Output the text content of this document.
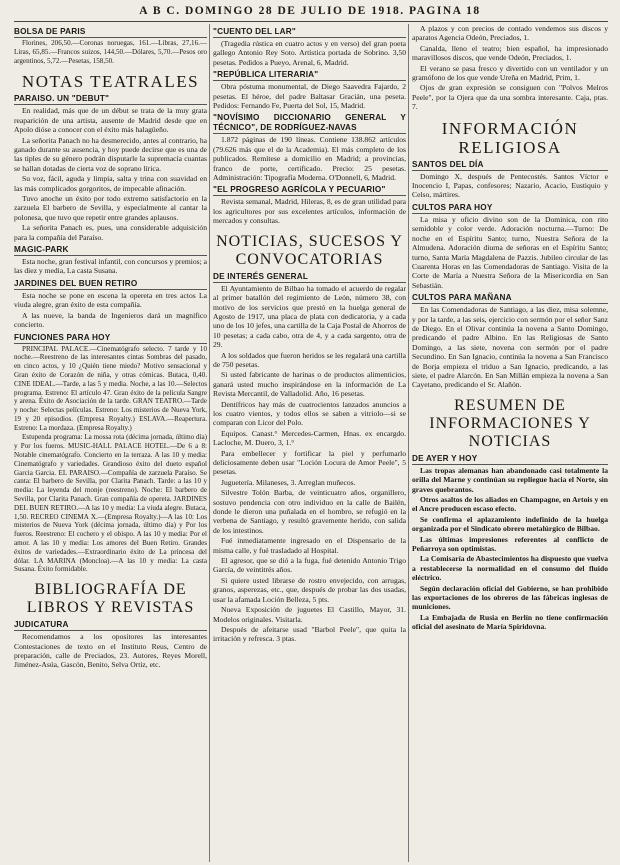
A B C. DOMINGO 28 DE JULIO DE 1918. PAGINA 18
BOLSA DE PARIS

Florines, 206,50.—Coronas noruegas, 161.—Libras, 27,16.—Liras, 65,85.—Francos suizos, 144,50.—Dólares, 5,70.—Pesos oro argentinos, 5,72.—Pesetas, 158,50.

NOTAS TEATRALES
PARAISO. UN "DEBUT"

En realidad, más que de un début se trata de la muy grata reaparición de una artista, ausente de Madrid desde que en Apolo dióse a conocer con el éxito más halagüeño.

La señorita Panach no ha desmerecido, antes al contrario, ha ganado durante su ausencia, y hoy puede decirse que es una de las tiples de su género podrán disputarle la supremacía cuantas se hallan dotadas de cierta voz de soprano lírica.

Su voz, fácil, aguda y limpia, salta y trina con suavidad en las más complicados gorgoritos, de impecable afinación.

Tuvo anoche un éxito por todo extremo satisfactorio en la zarzuela El barbero de Sevilla, y especialmente al cantar la polonesa, que tuvo que repetir entre grandes aplausos.

La señorita Panach es, pues, una considerable adquisición para la compañía del Paraíso.

MAGIC-PARK

Esta noche, gran festival infantil, con concursos y premios; a las diez y media, La casta Susana.

JARDINES DEL BUEN RETIRO

Esta noche se pone en escena la opereta en tres actos La viuda alegre, gran éxito de esta compañía.

A las nueve, la banda de Ingenieros dará un magnífico concierto.

FUNCIONES PARA HOY

PRINCIPAL PALACE.—Cinematógrafo selecto. 7 tarde y 10 noche.—Reestreno de las interesantes cintas Sombras del pasado, en cinco actos, y 10 ¿Quién tiene miedo? Motivo sensacional y Gran éxito de Corazón de niña, y otras cómicas. Butaca, 0,40. CINE IDEAL.—Tarde, a las 5 y media. Noche, a las 10.—Selectos programa. Estreno: El artículo 47. Gran éxito de la película Sangre y arena. Éxito de Asociación de la tarde. GRAN TEATRO.—Tarde y noche: Selectas películas. Estreno: Los misterios de Nueva York, 19 y 20 episodios. (Empresa Royalty.) ESLAVA.—Reapertura. Estreno: La mordaza. (Empresa Royalty.)

Estupenda programa: La mossa rota (décima jornada, último día) y Por los fueros. MUSIC-HALL PALACE HOTEL.—De 6 a 8: Notable cinematógrafo. Concierto en la terraza. A las 10 y media: Cinematógrafo y variedades. Grandioso éxito del dueto español Garcia Garcia. EL PARAISO.—Compañía de zarzuela Paraíso. Se canta: El barbero de Sevilla, por Clarita Panach. Tarde: a las 10 y media: La leyenda del monje (reestreno). Noche: El barbero de Sevilla, por Clarita Panach. Gran compañía de opereta. JARDINES DEL BUEN RETIRO.—A las 10 y media: La viuda alegre. Butaca, 1,50. RECREO CINEMA X.—(Empresa Royalty.)—A las 10: Los misterios de Nueva York (décima jornada, último día) y Por los fueros. Reestreno: El cochero y el obispo. A las 10 y media: Por el amor. A las 10 y media: Los amores del Buen Retiro. Grandes éxitos de variedades.—Extraordinario éxito de La princesa del dólar. LA MARINA (Moncloa).—A las 10 y media: La casta Susana. Éxito formidable.

BIBLIOGRAFÍA DE LIBROS Y REVISTAS
JUDICATURA

Recomendamos a los opositores las interesantes Contestaciones de texto en el Instituto Reus, Centro de preparación, calle de Preciados, 23. Autores, Reyes Morell, Jiménez-Asúa, Gascón, Benito, Selva Ortiz, etc.

"CUENTO DEL LAR"

(Tragedia rústica en cuatro actos y en verso) del gran poeta gallego Antonio Rey Soto. Artística portada de Sobrino. 3,50 pesetas. Pedidos a Pueyo, Arenal, 6, Madrid.

"REPÚBLICA LITERARIA"

Obra póstuma monumental, de Diego Saavedra Fajardo, 2 pesetas. El héroe, del padre Baltasar Gracián, una peseta. Pedidos: Fernando Fe, Puerta del Sol, 15, Madrid.

"NOVÍSIMO DICCIONARIO GENERAL Y TÉCNICO", DE RODRÍGUEZ-NAVAS

1.872 páginas de 190 líneas. Contiene 138.862 artículos (79.626 más que el de la Academia). El más completo de los publicados. Remítese a domicilio en Madrid; a provincias, franco de porte, certificado. Precio: 25 pesetas. Administración: Tipografía Moderna. O'Donnell, 6, Madrid.

"EL PROGRESO AGRÍCOLA Y PECUARIO"

Revista semanal, Madrid, Hileras, 8, es de gran utilidad para los agricultores por sus excelentes artículos, información de mercados y consultas.

NOTICIAS, SUCESOS Y CONVOCATORIAS
DE INTERÉS GENERAL

El Ayuntamiento de Bilbao ha tomado el acuerdo de regalar al primer batallón del regimiento de León, número 38, con motivo de los servicios que prestó en la huelga general de Agosto de 1917, una placa de plata con dedicatoria, y a cada uno de los 10 jefes, una cartilla de la Caja Postal de Ahorros de 10 pesetas; a cada cabo, otra de 4, y a cada sargento, otra de 29.

A los soldados que fueron heridos se les regalará una cartilla de 750 pesetas.

Si usted fabricante de harinas o de productos alimenticios, ganará usted mucho inspirándose en la información de La Revista Mercantil, de Valladolid. Año, 16 pesetas.

Dentífricos hay más de cuatrocientos lanzados anuncios a los cuatro vientos, y todos ellos se saben a vitriolo—si se comparan con Licor del Polo.

Equipos. Canast.° Mercedes-Carmen, Hnas. ex encargdo. Lacloche, M. Duero, 3, 1.°

Para embellecer y fortificar la piel y perfumarlo deliciosamente deben usar "Loción Locura de Amor Peele", 5 pesetas.

Juguetería. Milaneses, 3. Arreglan muñecos.

Silvestre Tolón Barba, de veinticuatro años, organillero, sostuvo pendencia con otro individuo en la calle de Bailén, donde le dieron una puñalada en el hombro, se refugió en la verbena de Santiago, y resultó gravemente herido, con salida de los intestinos.

Fué inmediatamente ingresado en el Dispensario de la misma calle, y fué trasladado al Hospital.

El agresor, que se dió a la fuga, fué detenido Antonio Trigo García, de veintitrés años.

Si quiere usted librarse de rostro envejecido, con arrugas, granos, asperezas, etc., que, después de probar las dos usadas, usar la afamada Loción Belleza, 5 pts.

Nueva Exposición de juguetes El Castillo, Mayor, 31. Modelos originales. Visitarla.

Después de afeitarse usad "Barbol Peele", que quita la irritación y refresca. 3 ptas.

A plazos y con precios de contado vendemos sus discos y aparatos Agencia Odeón, Preciados, 1.

Canalda, lleno el teatro; bien español, ha impresionado maravillosos discos, que vende Odeón, Preciados, 1.

El verano se pasa fresco y divertido con un ventilador y un gramófono de los que vende Ureña en Madrid, Prim, 1.

Ojos de gran expresión se consiguen con "Polvos Melros Peele", por la Ojera que da una sombra interesante. Caja, ptas. 7.

INFORMACIÓN RELIGIOSA
SANTOS DEL DÍA

Domingo X, después de Pentecostés. Santos Víctor e Inocencio I, Papas, confesores; Nazario, Acacio, Eustiquio y Celso, mártires.

CULTOS PARA HOY

La misa y oficio divino son de la Dominica, con rito semidoble y color verde. Adoración nocturna.—Turno: De noche en el Espíritu Santo; turno, Nuestra Señora de la Almudena. Adoración diurna de señoras en el Espíritu Santo; turno, Santa María Magdalena de Pazzis. Jubileo circular de las Cuarenta Horas en las Comendadoras de Santiago. Visita de la Corte de María a Nuestra Señora de la Misericordia en San Sebastián.

CULTOS PARA MAÑANA

En las Comendadoras de Santiago, a las diez, misa solemne, y por la tarde, a las seis, ejercicio con sermón por el señor Sanz de Diego. En el Olivar continúa la novena a Santo Domingo, predicando el padre Albino. En las Religiosas de Santo Domingo, a las siete, novena con sermón por el padre Secundino. En San Ignacio, continúa la novena a San Francisco de Borja empieza el triduo a San Ignacio, predicando, a las siete, el padre Alarcón. En San Millán empieza la novena a San Cayetano, predicando el Sr. Alañón.

RESUMEN DE INFORMACIONES Y NOTICIAS
DE AYER Y HOY

Las tropas alemanas han abandonado casi totalmente la orilla del Marne y continúan su repliegue hacia el Norte, sin graves quebrantos.

Otros asaltos de los aliados en Champagne, en Artois y en el Ancre producen escaso efecto.

Se confirma el aplazamiento indefinido de la huelga organizada por el Sindicato obrero metalúrgico de Bilbao.

Las últimas impresiones referentes al conflicto de Peñarroya son optimistas.

La Comisaría de Abastecimientos ha dispuesto que vuelva a restablecerse la normalidad en el consumo del fluido eléctrico.

Según declaración oficial del Gobierno, se han prohibido las exportaciones de los obreros de las fábricas inglesas de municiones.

La Embajada de Rusia en Berlín no tiene confirmación oficial del asesinato de María Spiridovna.
